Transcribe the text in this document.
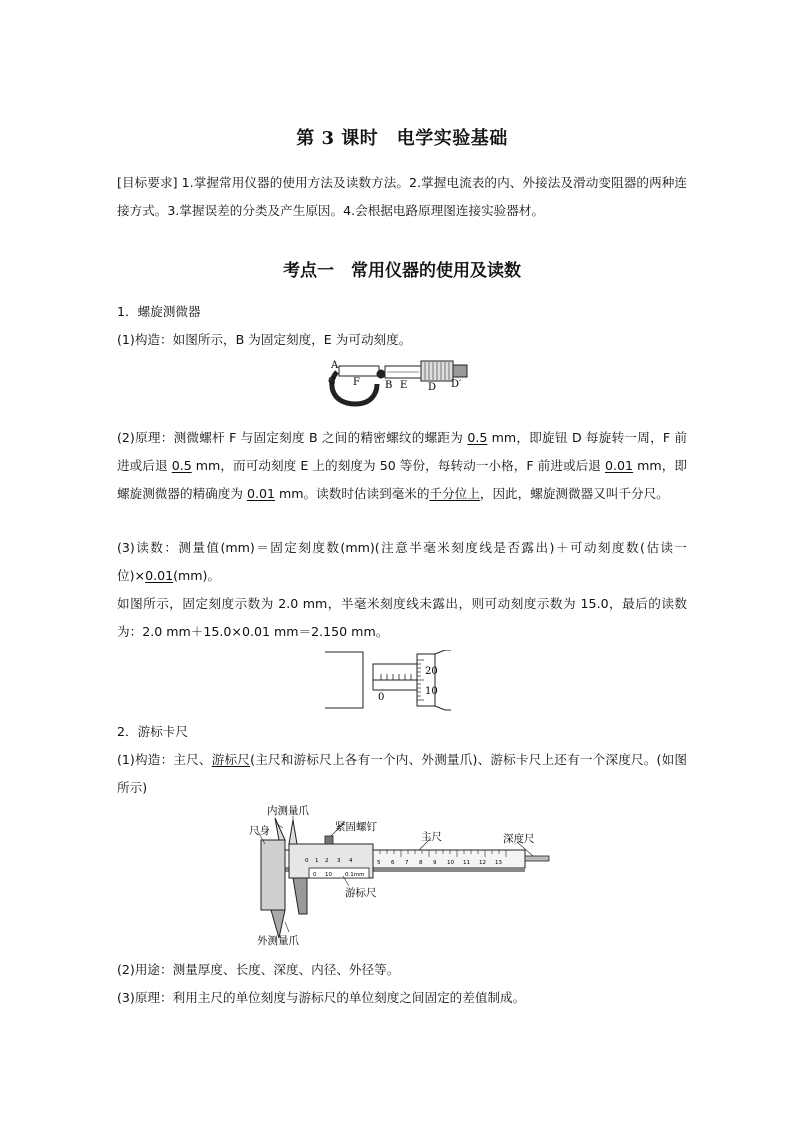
第 3 课时　电学实验基础

[目标要求] 1.掌握常用仪器的使用方法及读数方法。2.掌握电流表的内、外接法及滑动变阻器的两种连接方式。3.掌握误差的分类及产生原因。4.会根据电路原理图连接实验器材。

考点一　常用仪器的使用及读数

1．螺旋测微器

(1)构造：如图所示，B 为固定刻度，E 为可动刻度。

A
C F	B E D D′

(2)原理：测微螺杆 F 与固定刻度 B 之间的精密螺纹的螺距为 0.5 mm，即旋钮 D 每旋转一周，F 前进或后退 0.5 mm，而可动刻度 E 上的刻度为 50 等份，每转动一小格，F 前进或后退 0.01 mm，即螺旋测微器的精确度为 0.01 mm。读数时估读到毫米的千分位上，因此，螺旋测微器又叫千分尺。

(3)读数：测量值(mm)＝固定刻度数(mm)(注意半毫米刻度线是否露出)＋可动刻度数(估读一位)×0.01(mm)。

如图所示，固定刻度示数为 2.0 mm，半毫米刻度线未露出，则可动刻度示数为 15.0，最后的读数为：2.0 mm＋15.0×0.01 mm＝2.150 mm。

20
10
0

2．游标卡尺

(1)构造：主尺、游标尺(主尺和游标尺上各有一个内、外测量爪)、游标卡尺上还有一个深度尺。(如图所示)

0 1 2 3 4	5 6 7 8 9 10 11 12 13
0 10 0.1mm
内测量爪
紧固螺钉
主尺	深度尺
尺身
游标尺
外测量爪

(2)用途：测量厚度、长度、深度、内径、外径等。

(3)原理：利用主尺的单位刻度与游标尺的单位刻度之间固定的差值制成。
